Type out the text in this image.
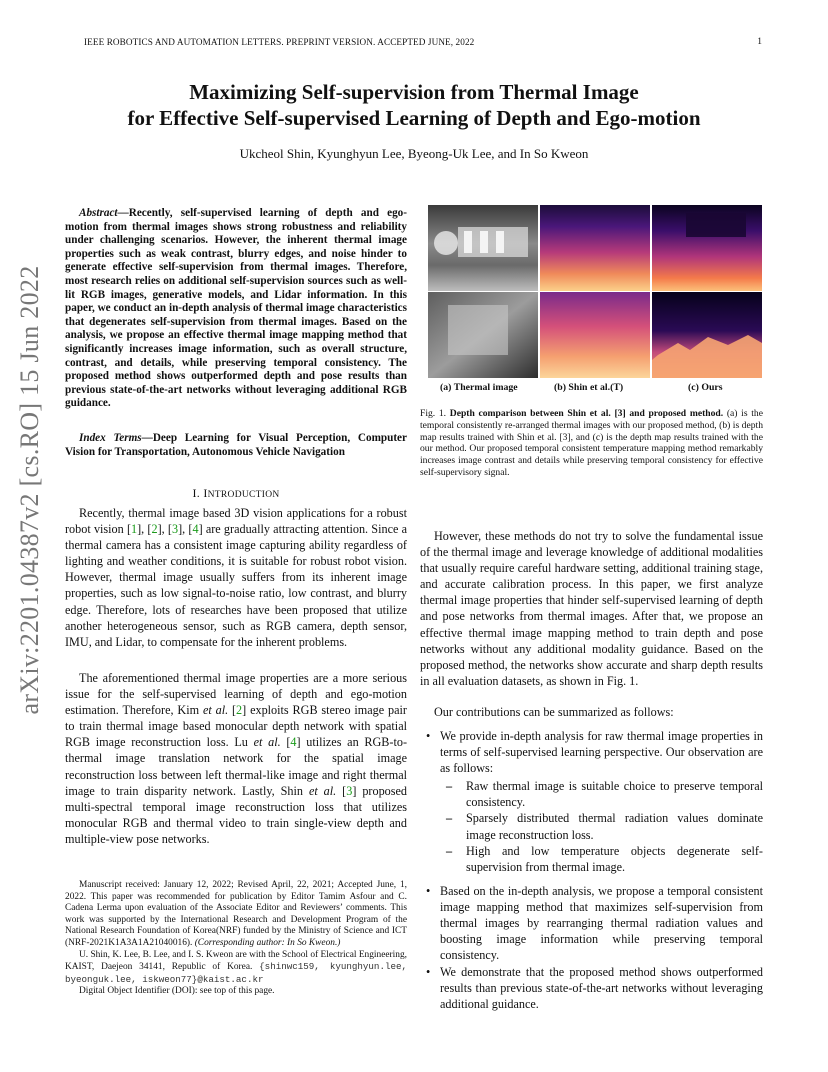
IEEE ROBOTICS AND AUTOMATION LETTERS. PREPRINT VERSION. ACCEPTED JUNE, 2022	1
Maximizing Self-supervision from Thermal Image
for Effective Self-supervised Learning of Depth and Ego-motion
Ukcheol Shin, Kyunghyun Lee, Byeong-Uk Lee, and In So Kweon
arXiv:2201.04387v2 [cs.RO] 15 Jun 2022
Abstract—Recently, self-supervised learning of depth and ego-motion from thermal images shows strong robustness and reliability under challenging scenarios. However, the inherent thermal image properties such as weak contrast, blurry edges, and noise hinder to generate effective self-supervision from thermal images. Therefore, most research relies on additional self-supervision sources such as well-lit RGB images, generative models, and Lidar information. In this paper, we conduct an in-depth analysis of thermal image characteristics that degenerates self-supervision from thermal images. Based on the analysis, we propose an effective thermal image mapping method that significantly increases image information, such as overall structure, contrast, and details, while preserving temporal consistency. The proposed method shows outperformed depth and pose results than previous state-of-the-art networks without leveraging additional RGB guidance.
Index Terms—Deep Learning for Visual Perception, Computer Vision for Transportation, Autonomous Vehicle Navigation
I. INTRODUCTION
Recently, thermal image based 3D vision applications for a robust robot vision [1], [2], [3], [4] are gradually attracting attention. Since a thermal camera has a consistent image capturing ability regardless of lighting and weather conditions, it is suitable for robust robot vision. However, thermal image usually suffers from its inherent image properties, such as low signal-to-noise ratio, low contrast, and blurry edge. Therefore, lots of researches have been proposed that utilize another heterogeneous sensor, such as RGB camera, depth sensor, IMU, and Lidar, to compensate for the inherent problems.
The aforementioned thermal image properties are a more serious issue for the self-supervised learning of depth and ego-motion estimation. Therefore, Kim et al. [2] exploits RGB stereo image pair to train thermal image based monocular depth network with spatial RGB image reconstruction loss. Lu et al. [4] utilizes an RGB-to-thermal image translation network for the spatial image reconstruction loss between left thermal-like image and right thermal image to train disparity network. Lastly, Shin et al. [3] proposed multi-spectral temporal image reconstruction loss that utilizes monocular RGB and thermal video to train single-view depth and multiple-view pose networks.
Manuscript received: January 12, 2022; Revised April, 22, 2021; Accepted June, 1, 2022. This paper was recommended for publication by Editor Tamim Asfour and C. Cadena Lerma upon evaluation of the Associate Editor and Reviewers’ comments. This work was supported by the International Research and Development Program of the National Research Foundation of Korea(NRF) funded by the Ministry of Science and ICT (NRF-2021K1A3A1A21040016). (Corresponding author: In So Kweon.)
U. Shin, K. Lee, B. Lee, and I. S. Kweon are with the School of Electrical Engineering, KAIST, Daejeon 34141, Republic of Korea. {shinwc159, kyunghyun.lee, byeonguk.lee, iskweon77}@kaist.ac.kr
Digital Object Identifier (DOI): see top of this page.
(a) Thermal image	(b) Shin et al.(T)	(c) Ours
Fig. 1. Depth comparison between Shin et al. [3] and proposed method. (a) is the temporal consistently re-arranged thermal images with our proposed method, (b) is depth map results trained with Shin et al. [3], and (c) is the depth map results trained with the our method. Our proposed temporal consistent temperature mapping method remarkably increases image contrast and details while preserving temporal consistency for effective self-supervisory signal.
However, these methods do not try to solve the fundamental issue of the thermal image and leverage knowledge of additional modalities that usually require careful hardware setting, additional training stage, and accurate calibration process. In this paper, we first analyze thermal image properties that hinder self-supervised learning of depth and pose networks from thermal images. After that, we propose an effective thermal image mapping method to train depth and pose networks without any additional modality guidance. Based on the proposed method, the networks show accurate and sharp depth results in all evaluation datasets, as shown in Fig. 1.
Our contributions can be summarized as follows:
• We provide in-depth analysis for raw thermal image properties in terms of self-supervised learning perspective. Our observation are as follows:
– Raw thermal image is suitable choice to preserve temporal consistency.
– Sparsely distributed thermal radiation values dominate image reconstruction loss.
– High and low temperature objects degenerate self-supervision from thermal image.
• Based on the in-depth analysis, we propose a temporal consistent image mapping method that maximizes self-supervision from thermal images by rearranging thermal radiation values and boosting image information while preserving temporal consistency.
• We demonstrate that the proposed method shows outperformed results than previous state-of-the-art networks without leveraging additional guidance.
